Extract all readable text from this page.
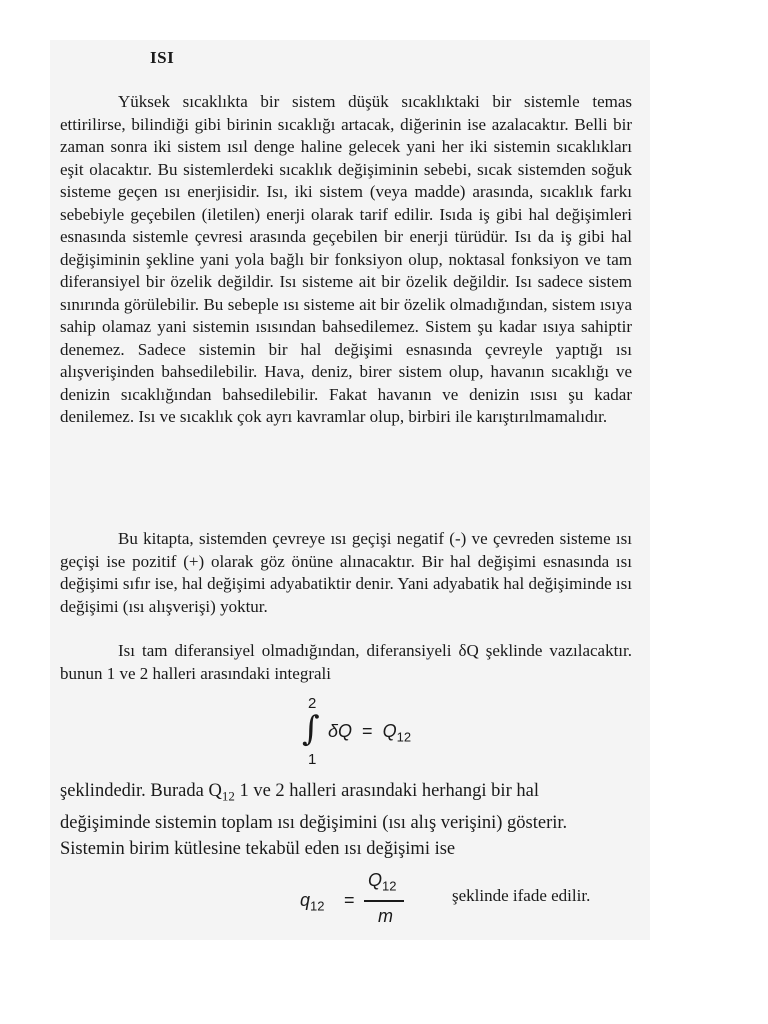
ISI

Yüksek sıcaklıkta bir sistem düşük sıcaklıktaki bir sistemle temas ettirilirse, bilindiği gibi birinin sıcaklığı artacak, diğerinin ise azalacaktır. Belli bir zaman sonra iki sistem ısıl denge haline gelecek yani her iki sistemin sıcaklıkları eşit olacaktır. Bu sistemlerdeki sıcaklık değişiminin sebebi, sıcak sistemden soğuk sisteme geçen ısı enerjisidir. Isı, iki sistem (veya madde) arasında, sıcaklık farkı sebebiyle geçebilen (iletilen) enerji olarak tarif edilir. Isıda iş gibi hal değişimleri esnasında sistemle çevresi arasında geçebilen bir enerji türüdür. Isı da iş gibi hal değişiminin şekline yani yola bağlı bir fonksiyon olup, noktasal fonksiyon ve tam diferansiyel bir özelik değildir. Isı sisteme ait bir özelik değildir. Isı sadece sistem sınırında görülebilir. Bu sebeple ısı sisteme ait bir özelik olmadığından, sistem ısıya sahip olamaz yani sistemin ısısından bahsedilemez. Sistem şu kadar ısıya sahiptir denemez. Sadece sistemin bir hal değişimi esnasında çevreyle yaptığı ısı alışverişinden bahsedilebilir. Hava, deniz, birer sistem olup, havanın sıcaklığı ve denizin sıcaklığından bahsedilebilir. Fakat havanın ve denizin ısısı şu kadar denilemez. Isı ve sıcaklık çok ayrı kavramlar olup, birbiri ile karıştırılmamalıdır.

Bu kitapta, sistemden çevreye ısı geçişi negatif (-) ve çevreden sisteme ısı geçişi ise pozitif (+) olarak göz önüne alınacaktır. Bir hal değişimi esnasında ısı değişimi sıfır ise, hal değişimi adyabatiktir denir. Yani adyabatik hal değişiminde ısı değişimi (ısı alışverişi) yoktur.

Isı tam diferansiyel olmadığından, diferansiyeli δQ şeklinde vazılacaktır. bunun 1 ve 2 halleri arasındaki integrali

2
∫
1
$\delta Q = Q_{12}$

şeklindedir. Burada $Q_{12}$ 1 ve 2 halleri arasındaki herhangi bir hal

değişiminde sistemin toplam ısı değişimini (ısı alış verişini) gösterir.

Sistemin birim kütlesine tekabül eden ısı değişimi ise

$q_{12}$ =
$Q_{12}$
m
şeklinde ifade edilir.
